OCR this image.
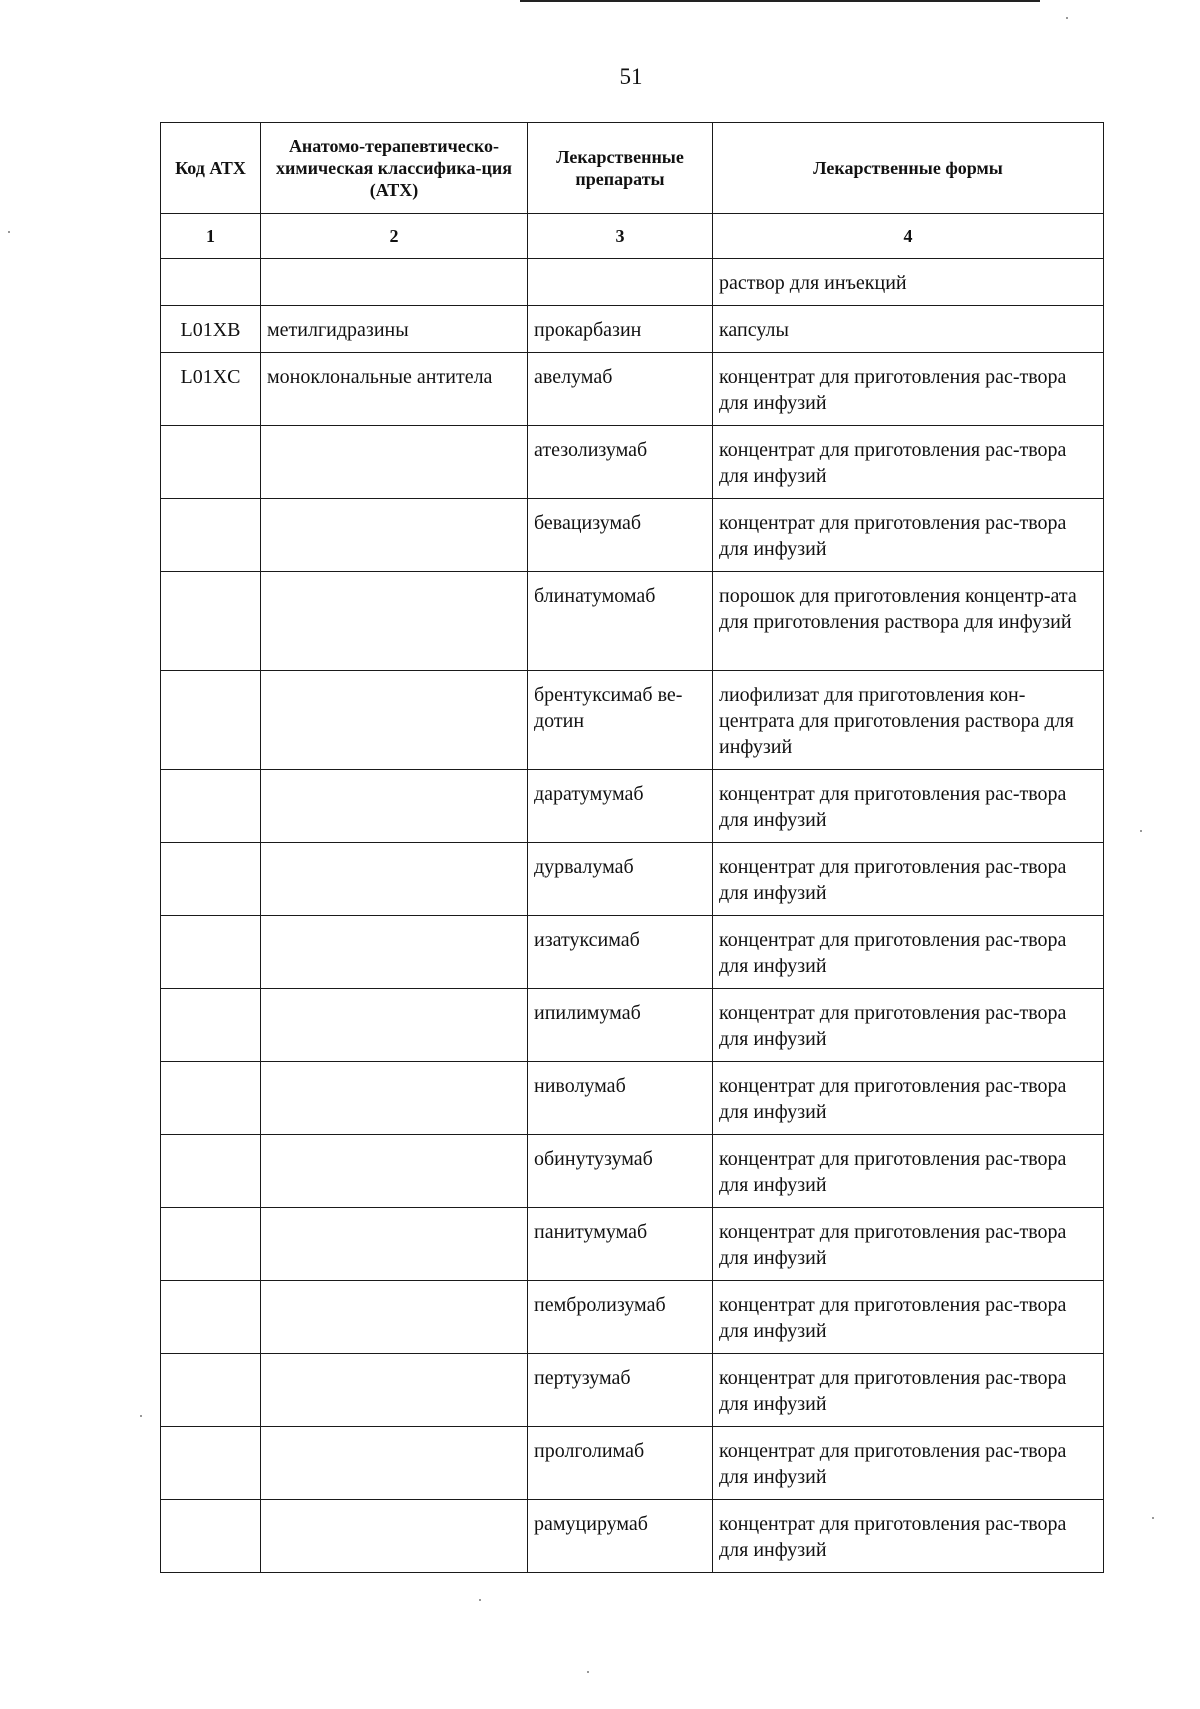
51
Код АТХ	Анатомо-терапевтическо-химическая классифика-ция (АТХ)	Лекарственные препараты	Лекарственные формы
1	2	3	4

			раствор для инъекций

L01XB	метилгидразины	прокарбазин	капсулы

L01XC	моноклональные антитела	авелумаб	концентрат для приготовления рас-твора для инфузий

		атезолизумаб	концентрат для приготовления рас-твора для инфузий

		бевацизумаб	концентрат для приготовления рас-твора для инфузий

		блинатумомаб	порошок для приготовления концентр-ата для приготовления раствора для инфузий

		брентуксимаб ве-дотин	лиофилизат для приготовления кон-центрата для приготовления раствора для инфузий

		даратумумаб	концентрат для приготовления рас-твора для инфузий

		дурвалумаб	концентрат для приготовления рас-твора для инфузий

		изатуксимаб	концентрат для приготовления рас-твора для инфузий

		ипилимумаб	концентрат для приготовления рас-твора для инфузий

		ниволумаб	концентрат для приготовления рас-твора для инфузий

		обинутузумаб	концентрат для приготовления рас-твора для инфузий

		панитумумаб	концентрат для приготовления рас-твора для инфузий

		пембролизумаб	концентрат для приготовления рас-твора для инфузий

		пертузумаб	концентрат для приготовления рас-твора для инфузий

		пролголимаб	концентрат для приготовления рас-твора для инфузий

		рамуцирумаб	концентрат для приготовления рас-твора для инфузий
